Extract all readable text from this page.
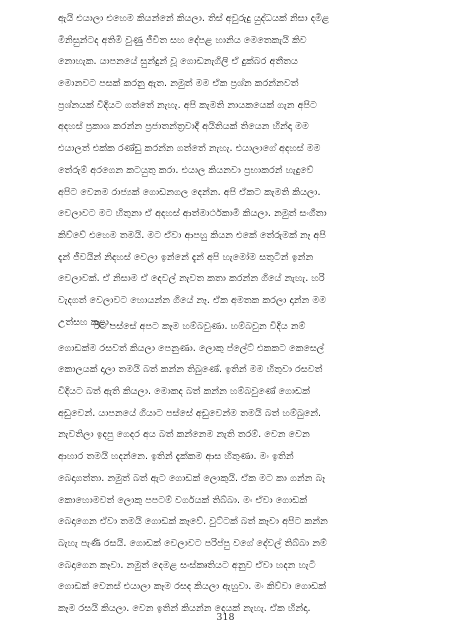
ඇයි එයාලා එහෙම කියන්නේ කියලා. තිස් අවුරුදු යුද්ධයක් නිසා දමිළ
මිනිසුන්ටද අතිමි වුණු ජීවිත සහ දේපළ හානිය මෙතෙකැයි කිව
නොහැක. යාපනයේ සුන්දුන් වූ ගොඩනැගිලි ඒ දුක්බර අතීතය
මොනවට පසක් කරනු ඇත. නමුත් මම ඒක ප්‍රශ්න කරන්නවත්
ප්‍රශ්නයක් විදියට ගත්තේ නැහැ. අපි කැමති නායකයෙක් ගැන අපිට
අදහස් ප්‍රකාශ කරන්න ප්‍රජාතන්ත්‍රවාදී අයිතියක් තියෙන හින්දා මම
එයාලත් එක්ක රණ්ඩු කරන්න ගත්තේ නැහැ. එයාලාගේ අදහස් මම
තේරුම් අරගෙන කටයුතු කරා. එයාල කියනවා ප්‍රභාකරන් හැදුවේ
අපිට වෙනම රාජ්‍යක් ගොඩනගල දෙන්න. අපි ඒකට කැමති කියලා.
වෙලාවට මට හිතුනා ඒ අදහස් ආත්මාර්ථකාමී කියලා. නමුත් සංගීතා
කිව්වේ එහෙම තමයි. මට ඒවා ආපහු කියන එකේ තේරුමක් නෑ අපි
දැන් ජීවයින් නිදහස් වෙලා ඉන්නේ දැන් අපි හැමෝම සතුටින් ඉන්න
වෙලාවක්. ඒ නිසාම ඒ දෙවල් නැවත කතා කරන්න ගියේ නැහැ. හරි
වැදගත් වෙලාවට හොයන්න ගියේ නෑ. ඒක අමතක කරලා දාන්න මම
උත්සහ කළා.
රිට පස්සේ අපට කෑම හම්බවුණා. හම්බවුන විදිය නම්
ගොඩක්ම රසවත් කියලා පෙනුණා. ලොකු ප්ලේට් එකකට කෙසෙල්
කොලයක් දාලා තමයි බත් කන්න තිබුණේ. ඉතින් මම හිතුවා රසවත්
විදියට බත් ඇති කියලා. මොකද බත් කන්න හම්බවුණේ ගොඩක්
අඩුවෙන්. යාපනයේ ගියාට පස්සේ අඩුවෙන්ම තමයි බත් හම්බුනේ.
නැවතිලා ඉදපු ගෙදර අය බත් කන්නෙම නැති තරම්. වෙන වෙන
ආහාර තමයි හදන්නෙ. ඉතින් දැක්කම ආස හිතුණා. මං ඉතින්
බෙදාගත්තා. නමුත් බත් ඇට ගොඩක් ලොකුයි. ඒක මට කා ගන්න බෑ
කොහොමවත් ලොකු පපටම් වර්ගයක් තිබ්බා. මං ඒවා ගොඩක්
බෙදාගෙන ඒවා තමයි ගොඩක් කෑවේ. වුට්ටක් බත් කෑවා අපිට කන්න
බැහැ පැණි රසයි. ගොඩක් වෙලාවට පරිප්පු වගේ දේවල් තිබ්බා නම්
බෙදාගෙන කෑවා. නමුත් දෙමළ සංස්කෘතියට අනුව ඒවා හදන හැටි
ගොඩක් වෙනස් එයාලා කෑම රසද කියලා ඇහුවා. මං කිව්වා ගොඩක්
කෑම රසයි කියලා. වෙන ඉතින් කියන්න දෙයක් නැහැ. ඒක හින්දා.
318
